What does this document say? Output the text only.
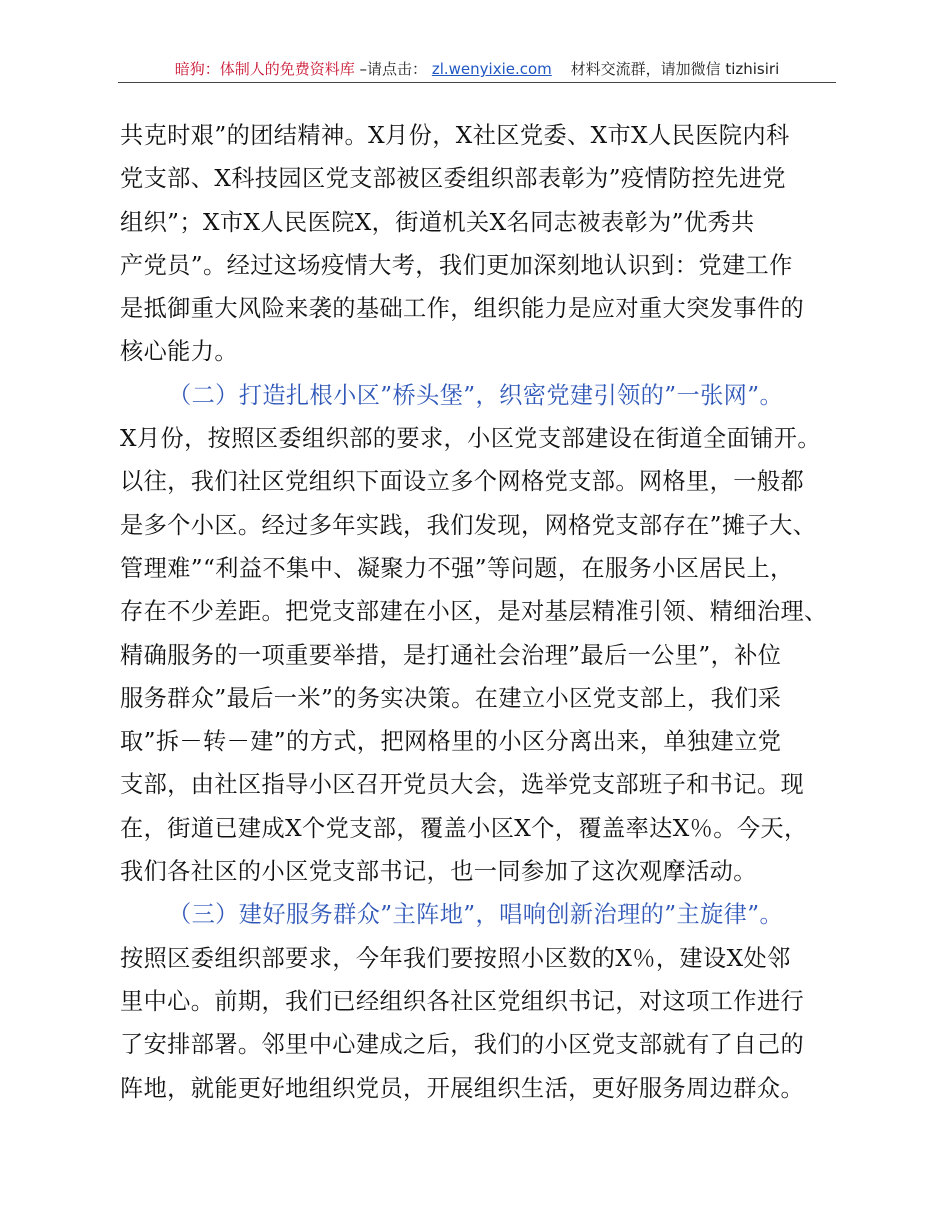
暗狗：体制人的免费资料库 –请点击： zl.wenyixie.com 材料交流群，请加微信 tizhisiri
共克时艰”的团结精神。X月份，X社区党委、X市X人民医院内科
党支部、X科技园区党支部被区委组织部表彰为”疫情防控先进党
组织”；X市X人民医院X，街道机关X名同志被表彰为”优秀共
产党员”。经过这场疫情大考，我们更加深刻地认识到：党建工作
是抵御重大风险来袭的基础工作，组织能力是应对重大突发事件的
核心能力。
（二）打造扎根小区”桥头堡”，织密党建引领的”一张网”。
X月份，按照区委组织部的要求，小区党支部建设在街道全面铺开。
以往，我们社区党组织下面设立多个网格党支部。网格里，一般都
是多个小区。经过多年实践，我们发现，网格党支部存在”摊子大、
管理难”“利益不集中、凝聚力不强”等问题，在服务小区居民上，
存在不少差距。把党支部建在小区，是对基层精准引领、精细治理、
精确服务的一项重要举措，是打通社会治理”最后一公里”，补位
服务群众”最后一米”的务实决策。在建立小区党支部上，我们采
取”拆－转－建”的方式，把网格里的小区分离出来，单独建立党
支部，由社区指导小区召开党员大会，选举党支部班子和书记。现
在，街道已建成X个党支部，覆盖小区X个，覆盖率达X％。今天，
我们各社区的小区党支部书记，也一同参加了这次观摩活动。
（三）建好服务群众”主阵地”，唱响创新治理的”主旋律”。
按照区委组织部要求，今年我们要按照小区数的X％，建设X处邻
里中心。前期，我们已经组织各社区党组织书记，对这项工作进行
了安排部署。邻里中心建成之后，我们的小区党支部就有了自己的
阵地，就能更好地组织党员，开展组织生活，更好服务周边群众。
